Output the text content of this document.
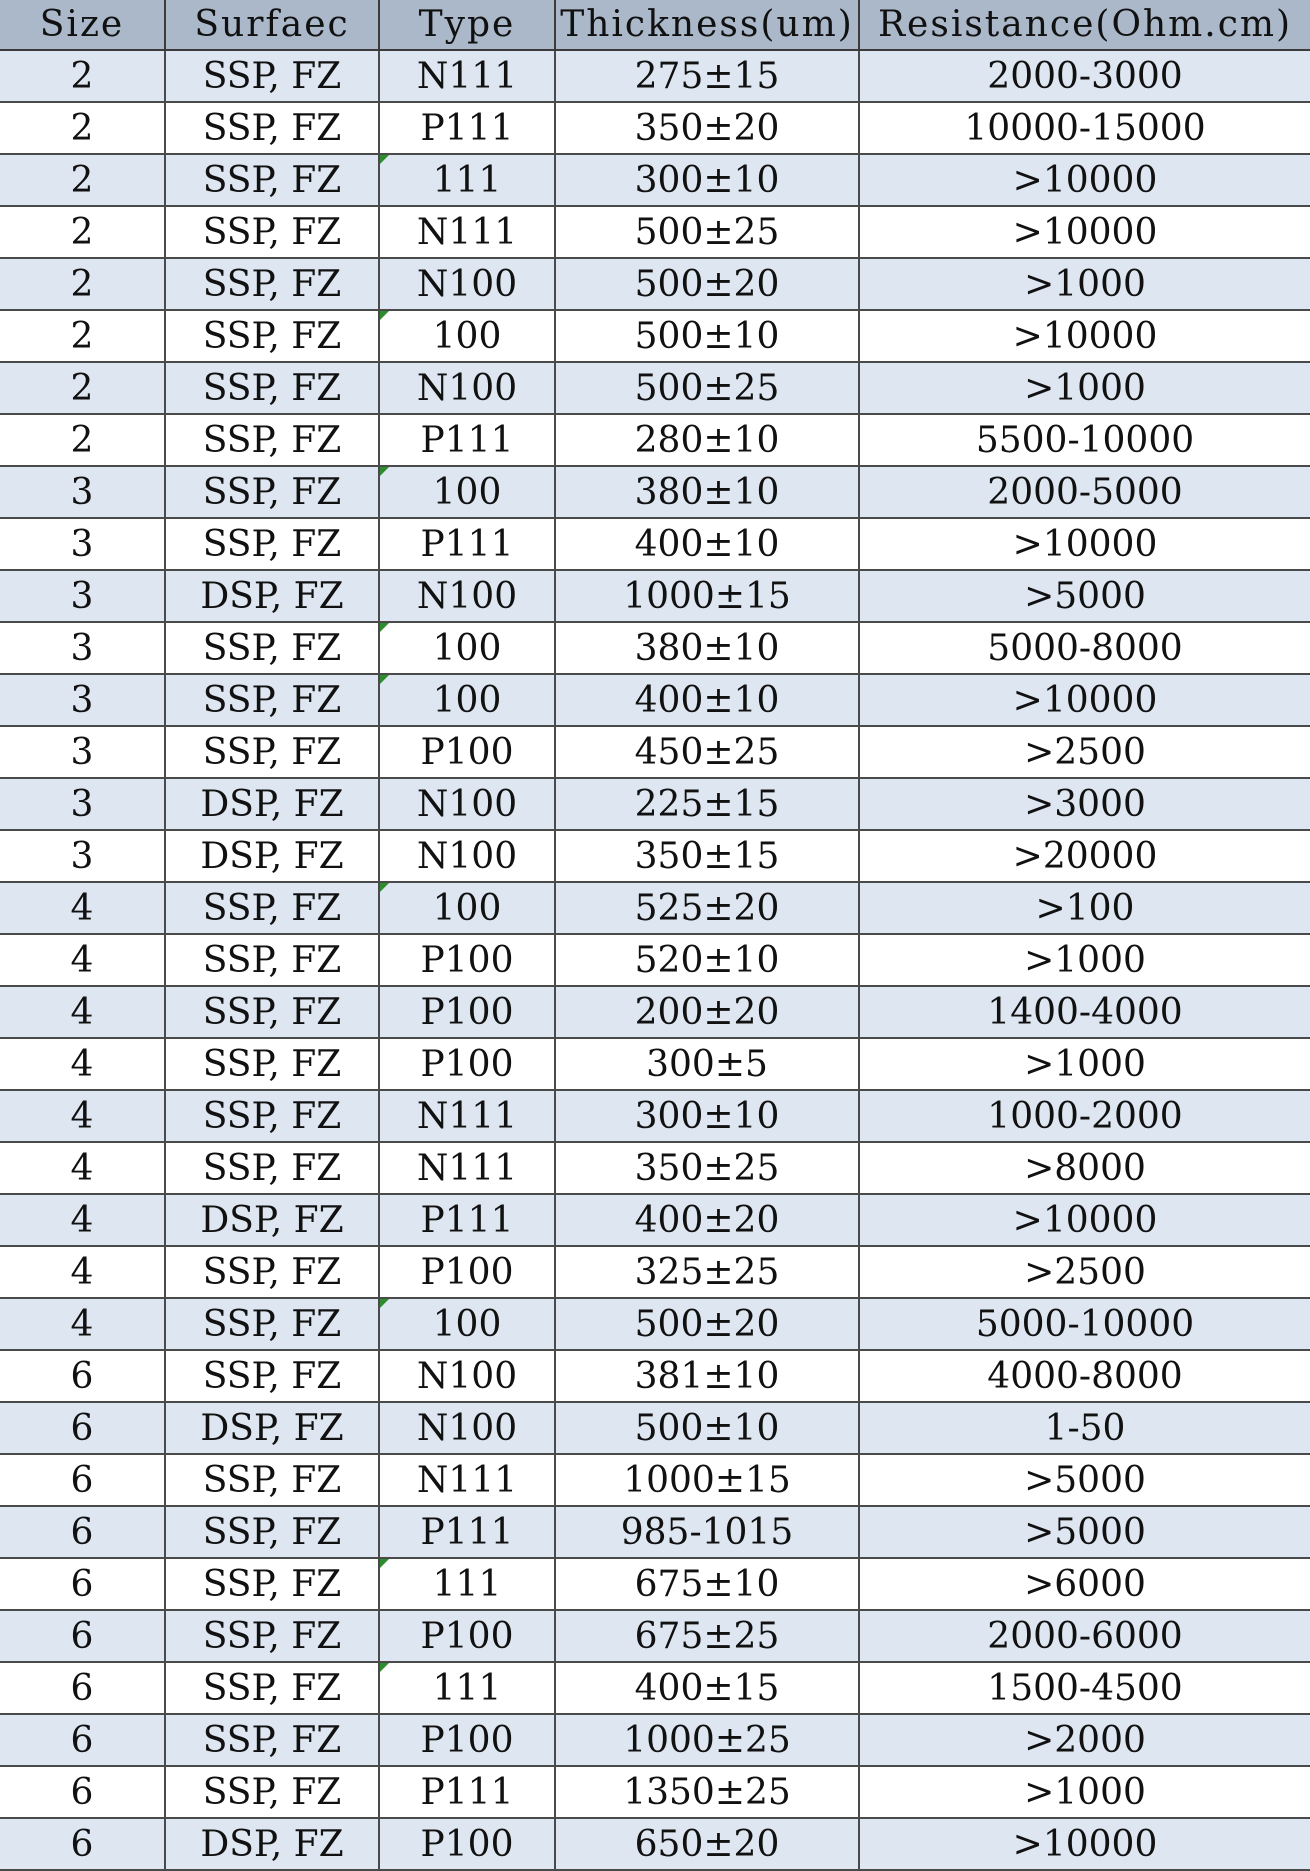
Size	Surfaec	Type	Thickness(um)	Resistance(Ohm.cm)
2	SSP, FZ	N111	275±15	2000-3000
2	SSP, FZ	P111	350±20	10000-15000
2	SSP, FZ	111	300±10	>10000
2	SSP, FZ	N111	500±25	>10000
2	SSP, FZ	N100	500±20	>1000
2	SSP, FZ	100	500±10	>10000
2	SSP, FZ	N100	500±25	>1000
2	SSP, FZ	P111	280±10	5500-10000
3	SSP, FZ	100	380±10	2000-5000
3	SSP, FZ	P111	400±10	>10000
3	DSP, FZ	N100	1000±15	>5000
3	SSP, FZ	100	380±10	5000-8000
3	SSP, FZ	100	400±10	>10000
3	SSP, FZ	P100	450±25	>2500
3	DSP, FZ	N100	225±15	>3000
3	DSP, FZ	N100	350±15	>20000
4	SSP, FZ	100	525±20	>100
4	SSP, FZ	P100	520±10	>1000
4	SSP, FZ	P100	200±20	1400-4000
4	SSP, FZ	P100	300±5	>1000
4	SSP, FZ	N111	300±10	1000-2000
4	SSP, FZ	N111	350±25	>8000
4	DSP, FZ	P111	400±20	>10000
4	SSP, FZ	P100	325±25	>2500
4	SSP, FZ	100	500±20	5000-10000
6	SSP, FZ	N100	381±10	4000-8000
6	DSP, FZ	N100	500±10	1-50
6	SSP, FZ	N111	1000±15	>5000
6	SSP, FZ	P111	985-1015	>5000
6	SSP, FZ	111	675±10	>6000
6	SSP, FZ	P100	675±25	2000-6000
6	SSP, FZ	111	400±15	1500-4500
6	SSP, FZ	P100	1000±25	>2000
6	SSP, FZ	P111	1350±25	>1000
6	DSP, FZ	P100	650±20	>10000
